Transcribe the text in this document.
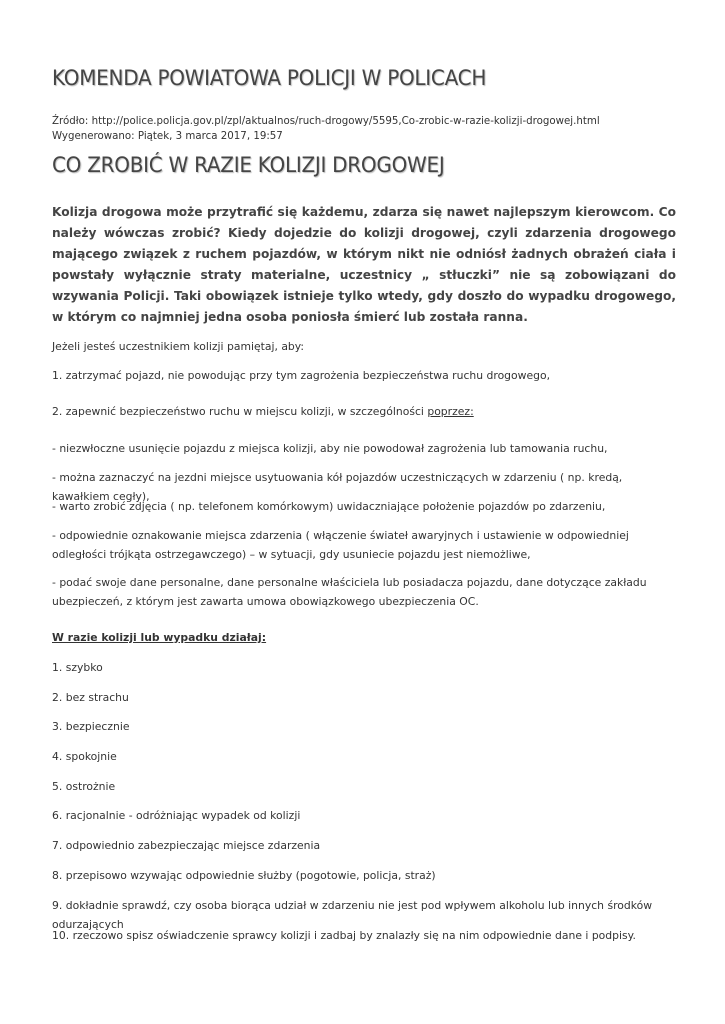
KOMENDA POWIATOWA POLICJI W POLICACH
Źródło: http://police.policja.gov.pl/zpl/aktualnos/ruch-drogowy/5595,Co-zrobic-w-razie-kolizji-drogowej.html
Wygenerowano: Piątek, 3 marca 2017, 19:57
CO ZROBIĆ W RAZIE KOLIZJI DROGOWEJ

Kolizja drogowa może przytrafić się każdemu, zdarza się nawet najlepszym kierowcom. Co należy wówczas zrobić? Kiedy dojedzie do kolizji drogowej, czyli zdarzenia drogowego mającego związek z ruchem pojazdów, w którym nikt nie odniósł żadnych obrażeń ciała i powstały wyłącznie straty materialne, uczestnicy „ stłuczki” nie są zobowiązani do wzywania Policji. Taki obowiązek istnieje tylko wtedy, gdy doszło do wypadku drogowego, w którym co najmniej jedna osoba poniosła śmierć lub została ranna.

Jeżeli jesteś uczestnikiem kolizji pamiętaj, aby:

1. zatrzymać pojazd, nie powodując przy tym zagrożenia bezpieczeństwa ruchu drogowego,

2. zapewnić bezpieczeństwo ruchu w miejscu kolizji, w szczególności poprzez:

- niezwłoczne usunięcie pojazdu z miejsca kolizji, aby nie powodował zagrożenia lub tamowania ruchu,

- można zaznaczyć na jezdni miejsce usytuowania kół pojazdów uczestniczących w zdarzeniu ( np. kredą, kawałkiem cegły),

- warto zrobić zdjęcia ( np. telefonem komórkowym) uwidaczniające położenie pojazdów po zdarzeniu,

- odpowiednie oznakowanie miejsca zdarzenia ( włączenie świateł awaryjnych i ustawienie w odpowiedniej odległości trójkąta ostrzegawczego) – w sytuacji, gdy usuniecie pojazdu jest niemożliwe,

- podać swoje dane personalne, dane personalne właściciela lub posiadacza pojazdu, dane dotyczące zakładu ubezpieczeń, z którym jest zawarta umowa obowiązkowego ubezpieczenia OC.

W razie kolizji lub wypadku działaj:

1. szybko

2. bez strachu

3. bezpiecznie

4. spokojnie

5. ostrożnie

6. racjonalnie - odróżniając wypadek od kolizji

7. odpowiednio zabezpieczając miejsce zdarzenia

8. przepisowo wzywając odpowiednie służby (pogotowie, policja, straż)

9. dokładnie sprawdź, czy osoba biorąca udział w zdarzeniu nie jest pod wpływem alkoholu lub innych środków odurzających

10. rzeczowo spisz oświadczenie sprawcy kolizji i zadbaj by znalazły się na nim odpowiednie dane i podpisy.
